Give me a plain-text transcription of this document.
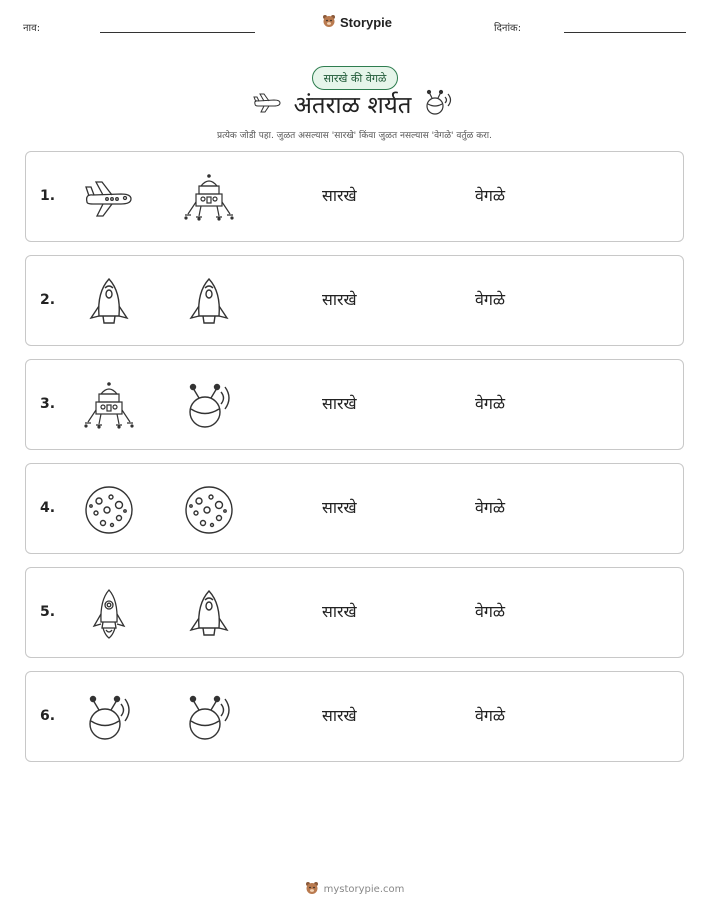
नाव:	Storypie	दिनांक:
सारखे की वेगळे
अंतराळ शर्यत
प्रत्येक जोडी पहा. जुळत असल्यास 'सारखे' किंवा जुळत नसल्यास 'वेगळे' वर्तुळ करा.
1.	सारखे	वेगळे
2.	सारखे	वेगळे
3.	सारखे	वेगळे
4.	सारखे	वेगळे
5.	सारखे	वेगळे
6.	सारखे	वेगळे
mystorypie.com
